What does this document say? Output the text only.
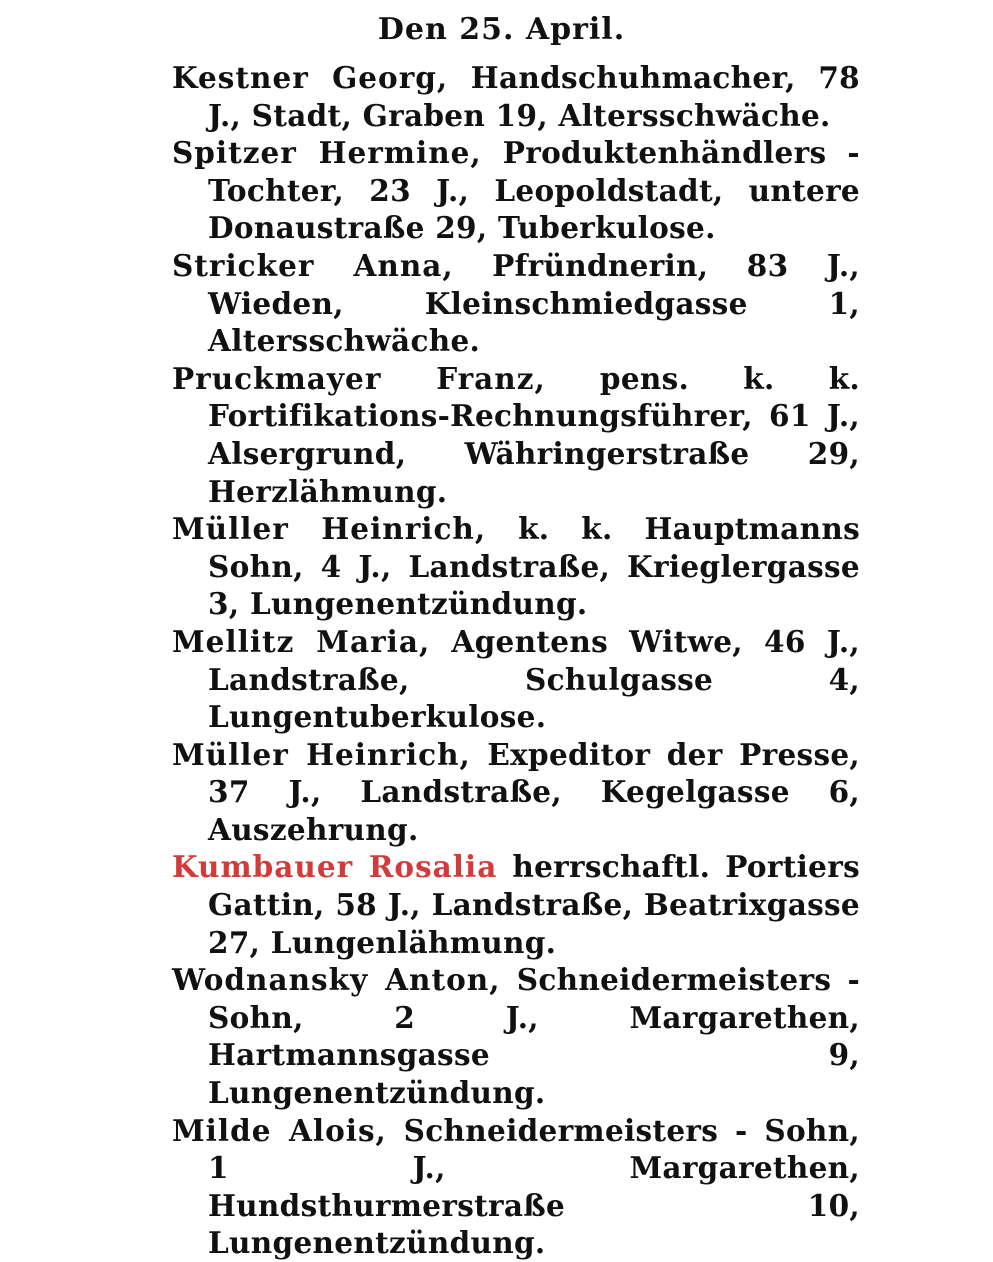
Den 25. April.
Kestner Georg, Handschuhmacher, 78 J., Stadt, Graben 19, Altersschwäche.
Spitzer Hermine, Produktenhändlers - Tochter, 23 J., Leopoldstadt, untere Donaustraße 29, Tuberkulose.
Stricker Anna, Pfründnerin, 83 J., Wieden, Kleinschmiedgasse 1, Altersschwäche.
Pruckmayer Franz, pens. k. k. Fortifikations-Rechnungsführer, 61 J., Alsergrund, Währingerstraße 29, Herzlähmung.
Müller Heinrich, k. k. Hauptmanns Sohn, 4 J., Landstraße, Krieglergasse 3, Lungenentzündung.
Mellitz Maria, Agentens Witwe, 46 J., Landstraße, Schulgasse 4, Lungentuberkulose.
Müller Heinrich, Expeditor der Presse, 37 J., Landstraße, Kegelgasse 6, Auszehrung.
Kumbauer Rosalia herrschaftl. Portiers Gattin, 58 J., Landstraße, Beatrixgasse 27, Lungenlähmung.
Wodnansky Anton, Schneidermeisters - Sohn, 2 J., Margarethen, Hartmannsgasse 9, Lungenentzündung.
Milde Alois, Schneidermeisters - Sohn, 1 J., Margarethen, Hundsthurmerstraße 10, Lungenentzündung.
